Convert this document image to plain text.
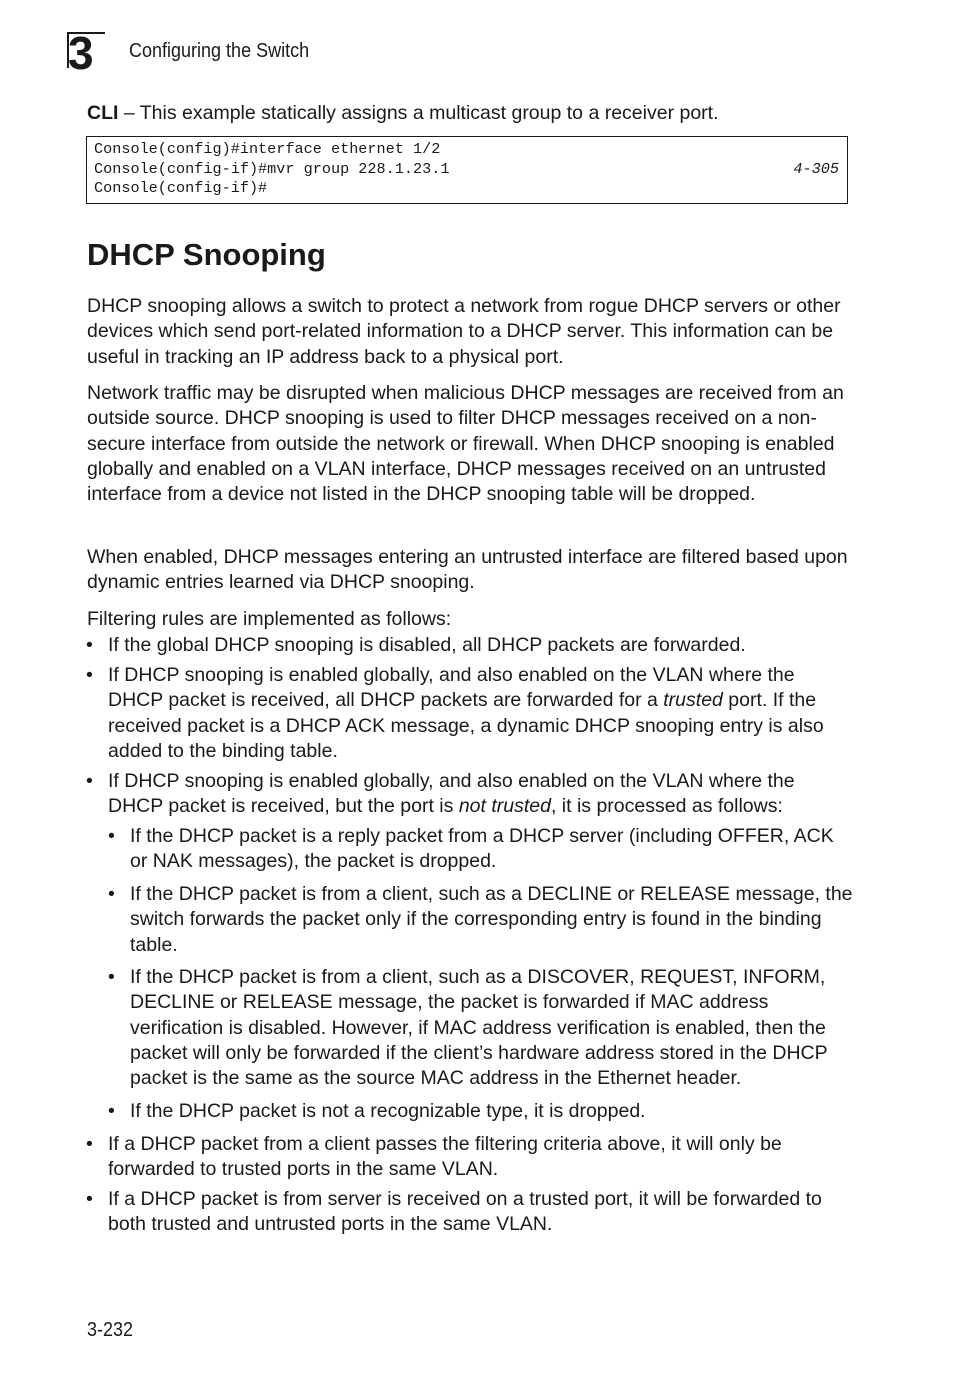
3 Configuring the Switch
CLI – This example statically assigns a multicast group to a receiver port.
Console(config)#interface ethernet 1/2
Console(config-if)#mvr group 228.1.23.1	4-305
Console(config-if)#
DHCP Snooping
DHCP snooping allows a switch to protect a network from rogue DHCP servers or other devices which send port-related information to a DHCP server. This information can be useful in tracking an IP address back to a physical port.
Network traffic may be disrupted when malicious DHCP messages are received from an outside source. DHCP snooping is used to filter DHCP messages received on a non-secure interface from outside the network or firewall. When DHCP snooping is enabled globally and enabled on a VLAN interface, DHCP messages received on an untrusted interface from a device not listed in the DHCP snooping table will be dropped.
When enabled, DHCP messages entering an untrusted interface are filtered based upon dynamic entries learned via DHCP snooping.
Filtering rules are implemented as follows:
• If the global DHCP snooping is disabled, all DHCP packets are forwarded.
• If DHCP snooping is enabled globally, and also enabled on the VLAN where the DHCP packet is received, all DHCP packets are forwarded for a trusted port. If the received packet is a DHCP ACK message, a dynamic DHCP snooping entry is also added to the binding table.
• If DHCP snooping is enabled globally, and also enabled on the VLAN where the DHCP packet is received, but the port is not trusted, it is processed as follows:
• If the DHCP packet is a reply packet from a DHCP server (including OFFER, ACK or NAK messages), the packet is dropped.
• If the DHCP packet is from a client, such as a DECLINE or RELEASE message, the switch forwards the packet only if the corresponding entry is found in the binding table.
• If the DHCP packet is from a client, such as a DISCOVER, REQUEST, INFORM, DECLINE or RELEASE message, the packet is forwarded if MAC address verification is disabled. However, if MAC address verification is enabled, then the packet will only be forwarded if the client’s hardware address stored in the DHCP packet is the same as the source MAC address in the Ethernet header.
• If the DHCP packet is not a recognizable type, it is dropped.
• If a DHCP packet from a client passes the filtering criteria above, it will only be forwarded to trusted ports in the same VLAN.
• If a DHCP packet is from server is received on a trusted port, it will be forwarded to both trusted and untrusted ports in the same VLAN.
3-232
